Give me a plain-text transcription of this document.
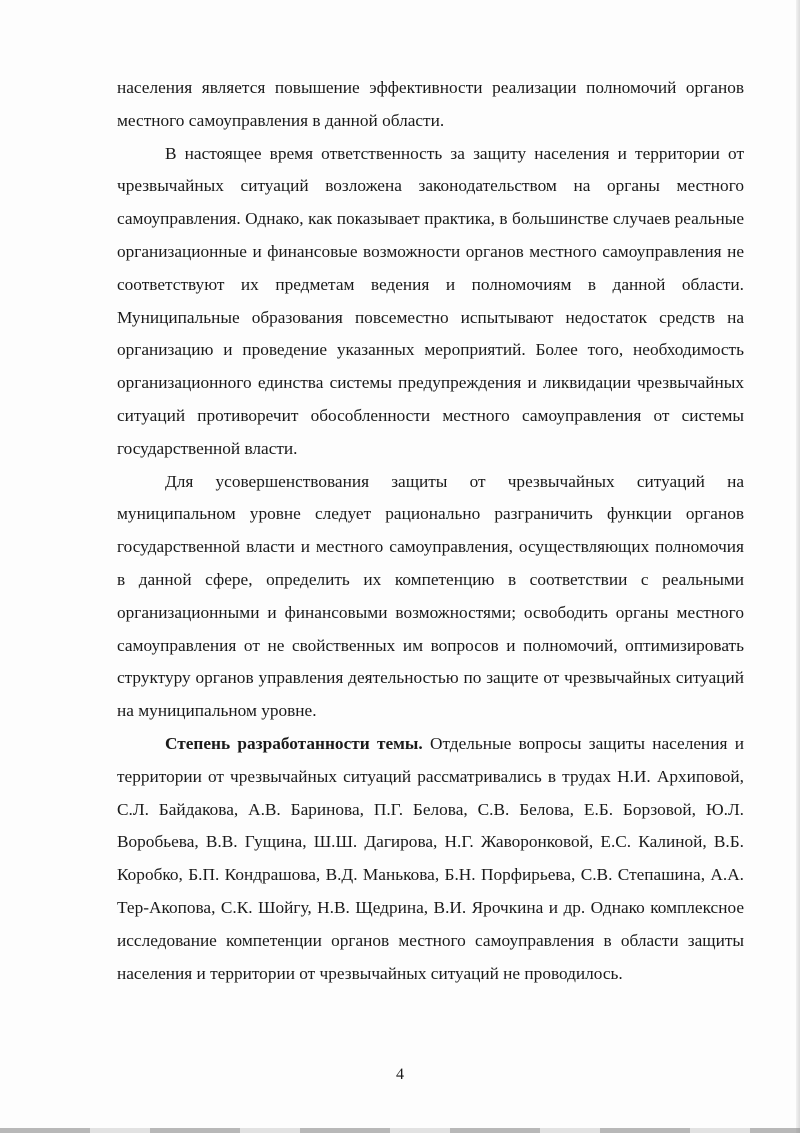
населения является повышение эффективности реализации полномочий органов местного самоуправления в данной области.

В настоящее время ответственность за защиту населения и территории от чрезвычайных ситуаций возложена законодательством на органы местного самоуправления. Однако, как показывает практика, в большинстве случаев реальные организационные и финансовые возможности органов местного самоуправления не соответствуют их предметам ведения и полномочиям в данной области. Муниципальные образования повсеместно испытывают недостаток средств на организацию и проведение указанных мероприятий. Более того, необходимость организационного единства системы предупреждения и ликвидации чрезвычайных ситуаций противоречит обособленности местного самоуправления от системы государственной власти.

Для усовершенствования защиты от чрезвычайных ситуаций на муниципальном уровне следует рационально разграничить функции органов государственной власти и местного самоуправления, осуществляющих полномочия в данной сфере, определить их компетенцию в соответствии с реальными организационными и финансовыми возможностями; освободить органы местного самоуправления от не свойственных им вопросов и полномочий, оптимизировать структуру органов управления деятельностью по защите от чрезвычайных ситуаций на муниципальном уровне.

Степень разработанности темы. Отдельные вопросы защиты населения и территории от чрезвычайных ситуаций рассматривались в трудах Н.И. Архиповой, С.Л. Байдакова, А.В. Баринова, П.Г. Белова, С.В. Белова, Е.Б. Борзовой, Ю.Л. Воробьева, В.В. Гущина, Ш.Ш. Дагирова, Н.Г. Жаворонковой, Е.С. Калиной, В.Б. Коробко, Б.П. Кондрашова, В.Д. Манькова, Б.Н. Порфирьева, С.В. Степашина, А.А. Тер-Акопова, С.К. Шойгу, Н.В. Щедрина, В.И. Ярочкина и др. Однако комплексное исследование компетенции органов местного самоуправления в области защиты населения и территории от чрезвычайных ситуаций не проводилось.

4
